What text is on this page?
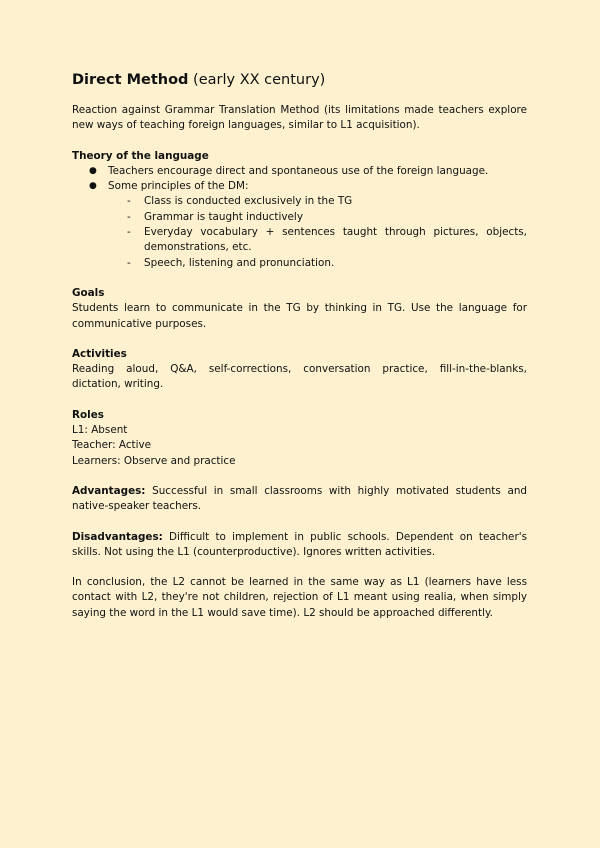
Direct Method (early XX century)

Reaction against Grammar Translation Method (its limitations made teachers explore new ways of teaching foreign languages, similar to L1 acquisition).

Theory of the language
● Teachers encourage direct and spontaneous use of the foreign language.
● Some principles of the DM:
- Class is conducted exclusively in the TG
- Grammar is taught inductively
- Everyday vocabulary + sentences taught through pictures, objects, demonstrations, etc.
- Speech, listening and pronunciation.
Goals

Students learn to communicate in the TG by thinking in TG. Use the language for communicative purposes.

Activities

Reading aloud, Q&A, self-corrections, conversation practice, fill-in-the-blanks, dictation, writing.

Roles
L1: Absent
Teacher: Active
Learners: Observe and practice

Advantages: Successful in small classrooms with highly motivated students and native-speaker teachers.

Disadvantages: Difficult to implement in public schools. Dependent on teacher's skills. Not using the L1 (counterproductive). Ignores written activities.

In conclusion, the L2 cannot be learned in the same way as L1 (learners have less contact with L2, they're not children, rejection of L1 meant using realia, when simply saying the word in the L1 would save time). L2 should be approached differently.
